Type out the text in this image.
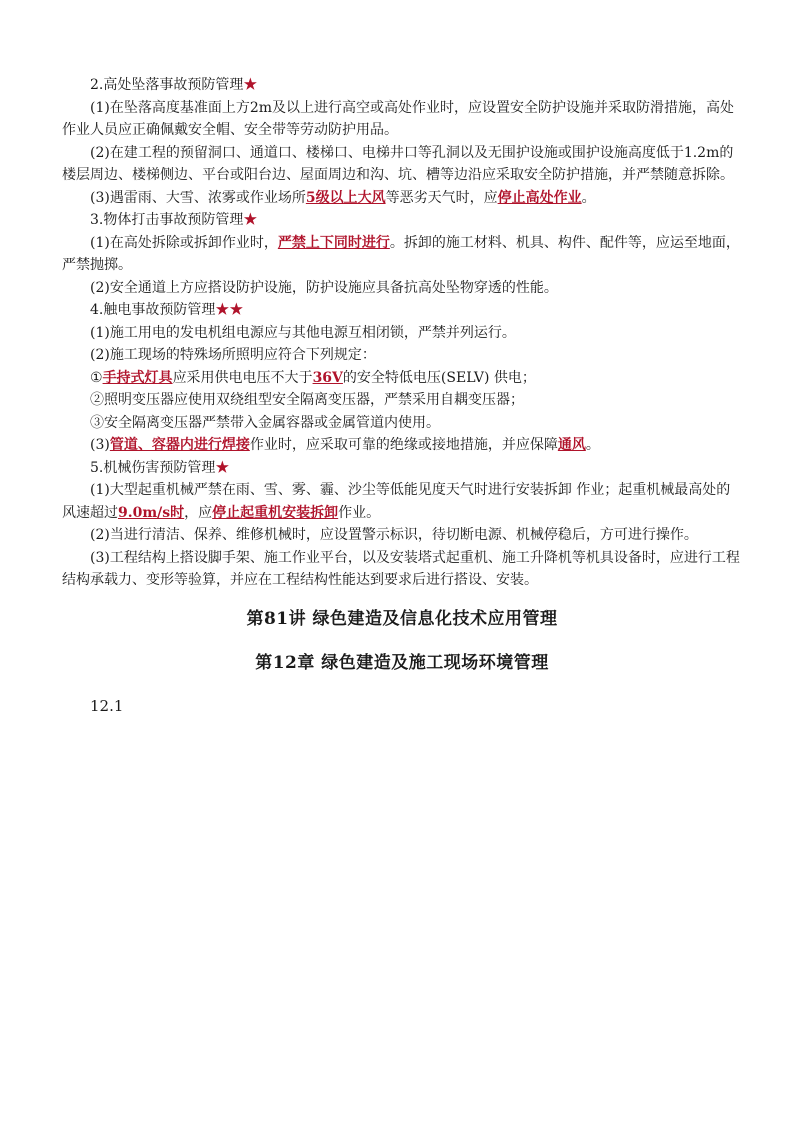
2.高处坠落事故预防管理★

(1)在坠落高度基准面上方2m及以上进行高空或高处作业时，应设置安全防护设施并采取防滑措施，高处作业人员应正确佩戴安全帽、安全带等劳动防护用品。

(2)在建工程的预留洞口、通道口、楼梯口、电梯井口等孔洞以及无围护设施或围护设施高度低于1.2m的楼层周边、楼梯侧边、平台或阳台边、屋面周边和沟、坑、槽等边沿应采取安全防护措施，并严禁随意拆除。

(3)遇雷雨、大雪、浓雾或作业场所5级以上大风等恶劣天气时，应停止高处作业。

3.物体打击事故预防管理★

(1)在高处拆除或拆卸作业时，严禁上下同时进行。拆卸的施工材料、机具、构件、配件等，应运至地面，严禁抛掷。

(2)安全通道上方应搭设防护设施，防护设施应具备抗高处坠物穿透的性能。

4.触电事故预防管理★★

(1)施工用电的发电机组电源应与其他电源互相闭锁，严禁并列运行。

(2)施工现场的特殊场所照明应符合下列规定：

①手持式灯具应采用供电电压不大于36V的安全特低电压(SELV) 供电；

②照明变压器应使用双绕组型安全隔离变压器，严禁采用自耦变压器；

③安全隔离变压器严禁带入金属容器或金属管道内使用。

(3)管道、容器内进行焊接作业时，应采取可靠的绝缘或接地措施，并应保障通风。

5.机械伤害预防管理★

(1)大型起重机械严禁在雨、雪、雾、霾、沙尘等低能见度天气时进行安装拆卸 作业；起重机械最高处的风速超过9.0m/s时，应停止起重机安装拆卸作业。

(2)当进行清洁、保养、维修机械时，应设置警示标识，待切断电源、机械停稳后，方可进行操作。

(3)工程结构上搭设脚手架、施工作业平台，以及安装塔式起重机、施工升降机等机具设备时，应进行工程结构承载力、变形等验算，并应在工程结构性能达到要求后进行搭设、安装。

第81讲 绿色建造及信息化技术应用管理
第12章 绿色建造及施工现场环境管理

12.1
